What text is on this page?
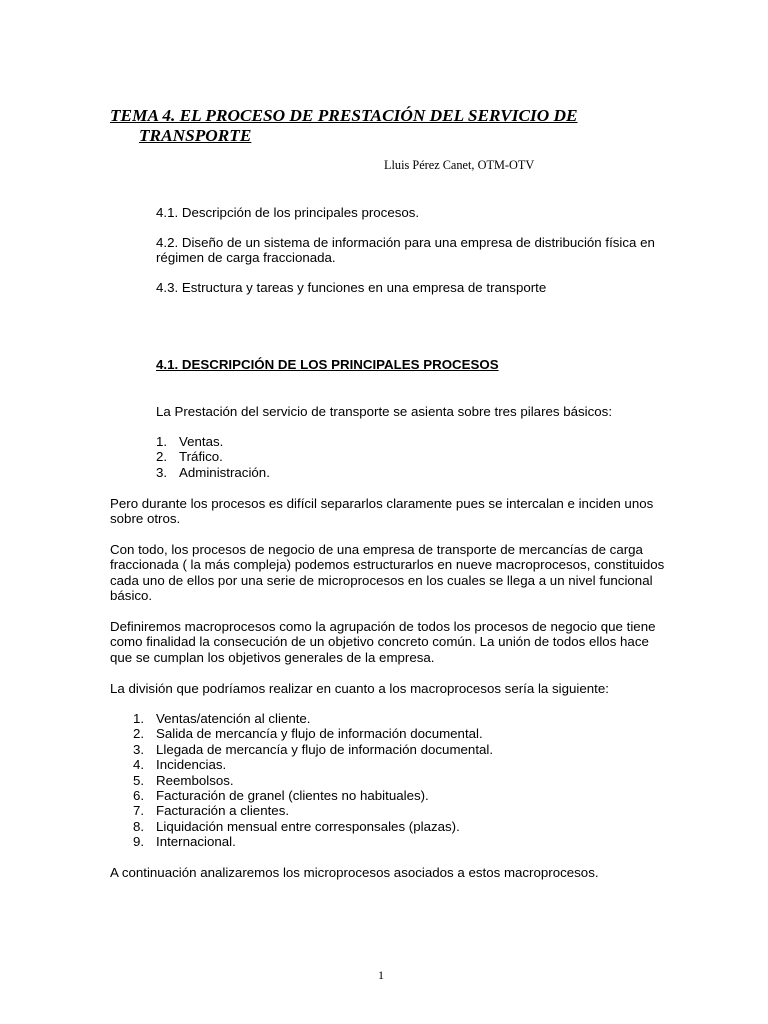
TEMA 4. EL PROCESO DE PRESTACIÓN DEL SERVICIO DE
TRANSPORTE

Lluis Pérez Canet, OTM-OTV

4.1. Descripción de los principales procesos.

4.2. Diseño de un sistema de información para una empresa de distribución física en régimen de carga fraccionada.

4.3. Estructura y tareas y funciones en una empresa de transporte

4.1. DESCRIPCIÓN DE LOS PRINCIPALES PROCESOS

La Prestación del servicio de transporte se asienta sobre tres pilares básicos:

1. Ventas.
2. Tráfico.
3. Administración.

Pero durante los procesos es difícil separarlos claramente pues se intercalan e inciden unos sobre otros.

Con todo, los procesos de negocio de una empresa de transporte de mercancías de carga fraccionada ( la más compleja) podemos estructurarlos en nueve macroprocesos, constituidos cada uno de ellos por una serie de microprocesos en los cuales se llega a un nivel funcional básico.

Definiremos macroprocesos como la agrupación de todos los procesos de negocio que tiene como finalidad la consecución de un objetivo concreto común. La unión de todos ellos hace que se cumplan los objetivos generales de la empresa.

La división que podríamos realizar en cuanto a los macroprocesos sería la siguiente:

1. Ventas/atención al cliente.
2. Salida de mercancía y flujo de información documental.
3. Llegada de mercancía y flujo de información documental.
4. Incidencias.
5. Reembolsos.
6. Facturación de granel (clientes no habituales).
7. Facturación a clientes.
8. Liquidación mensual entre corresponsales (plazas).
9. Internacional.

A continuación analizaremos los microprocesos asociados a estos macroprocesos.

1
